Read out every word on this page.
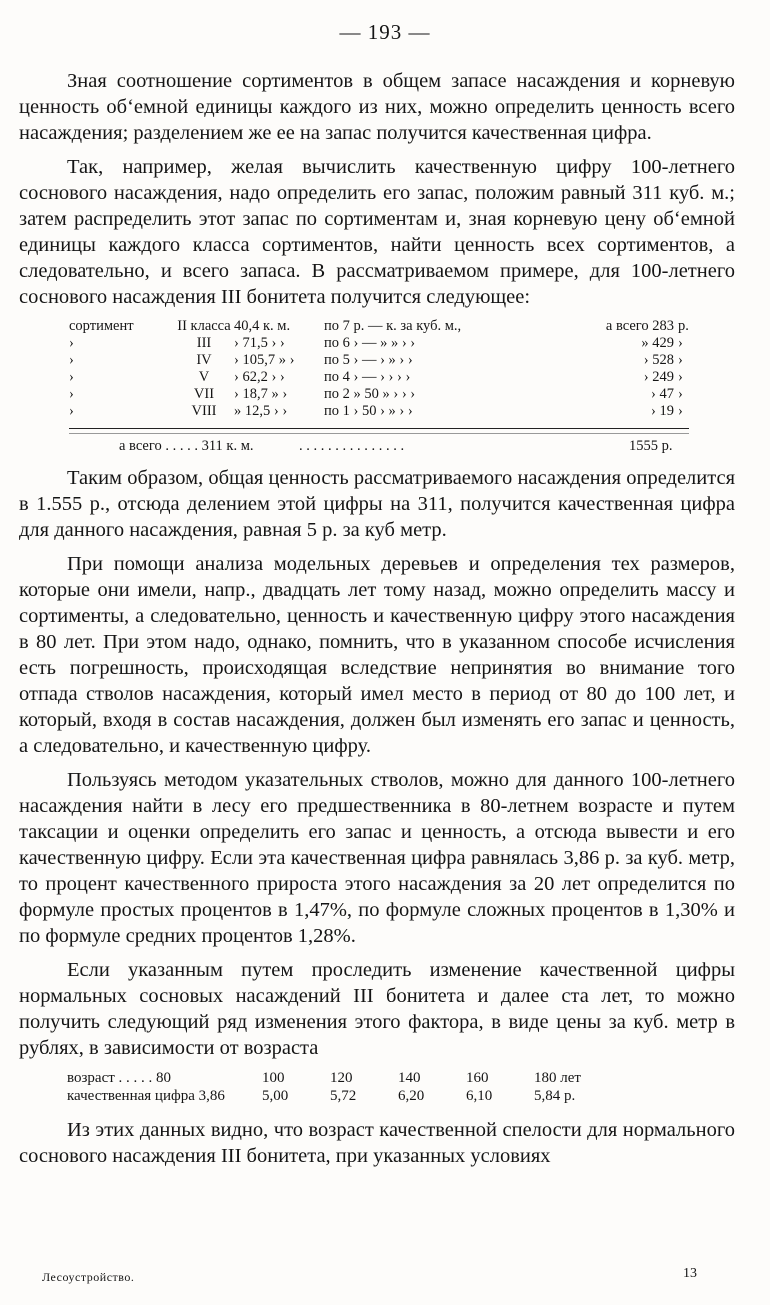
— 193 —

Зная соотношение сортиментов в общем запасе насаждения и корневую ценность об‘емной единицы каждого из них, можно определить ценность всего насаждения; разделением же ее на запас получится качественная цифра.

Так, например, желая вычислить качественную цифру 100-летнего соснового насаждения, надо определить его запас, положим равный 311 куб. м.; затем распределить этот запас по сортиментам и, зная корневую цену об‘емной единицы каждого класса сортиментов, найти ценность всех сортиментов, а следовательно, и всего запаса. В рассматриваемом примере, для 100-летнего соснового насаждения III бонитета получится следующее:

сортимент	II класса 40,4 к. м.	по 7 р. — к. за куб. м.,	а всего 283 р.
›	III	› 71,5 › ›	по 6 › — » » › ›	» 429 ›
›	IV	› 105,7 » ›	по 5 › — › » › ›	› 528 ›
›	V	› 62,2 › ›	по 4 › — › › › ›	› 249 ›
›	VII	› 18,7 » ›	по 2 » 50 » › › ›	› 47 ›
›	VIII	» 12,5 › ›	по 1 › 50 › » › ›	› 19 ›
а всего . . . . . 311 к. м.	. . . . . . . . . . . . . . .	1555 р.

Таким образом, общая ценность рассматриваемого насаждения определится в 1.555 р., отсюда делением этой цифры на 311, получится качественная цифра для данного насаждения, равная 5 р. за куб метр.

При помощи анализа модельных деревьев и определения тех размеров, которые они имели, напр., двадцать лет тому назад, можно определить массу и сортименты, а следовательно, ценность и качественную цифру этого насаждения в 80 лет. При этом надо, однако, помнить, что в указанном способе исчисления есть погрешность, происходящая вследствие непринятия во внимание того отпада стволов насаждения, который имел место в период от 80 до 100 лет, и который, входя в состав насаждения, должен был изменять его запас и ценность, а следовательно, и качественную цифру.

Пользуясь методом указательных стволов, можно для данного 100-летнего насаждения найти в лесу его предшественника в 80-летнем возрасте и путем таксации и оценки определить его запас и ценность, а отсюда вывести и его качественную цифру. Если эта качественная цифра равнялась 3,86 р. за куб. метр, то процент качественного прироста этого насаждения за 20 лет определится по формуле простых процентов в 1,47%, по формуле сложных процентов в 1,30% и по формуле средних процентов 1,28%.

Если указанным путем проследить изменение качественной цифры нормальных сосновых насаждений III бонитета и далее ста лет, то можно получить следующий ряд изменения этого фактора, в виде цены за куб. метр в рублях, в зависимости от возраста

возраст . . . . . 80	100	120	140	160	180 лет
качественная цифра 3,86	5,00	5,72	6,20	6,10	5,84 р.

Из этих данных видно, что возраст качественной спелости для нормального соснового насаждения III бонитета, при указанных условиях

Лесоустройство.	13
